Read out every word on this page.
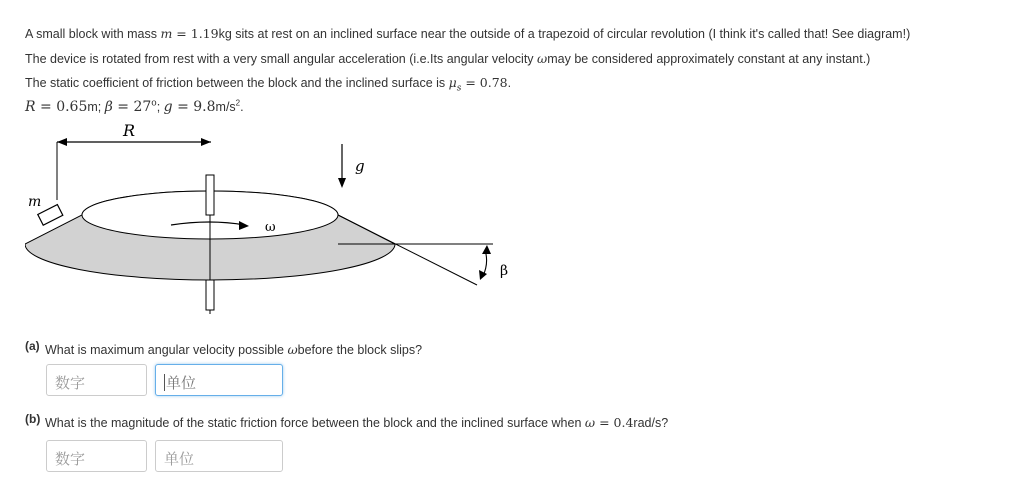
A small block with mass m = 1.19kg sits at rest on an inclined surface near the outside of a trapezoid of circular revolution (I think it's called that! See diagram!)
The device is rotated from rest with a very small angular acceleration (i.e.Its angular velocity ωmay be considered approximately constant at any instant.)
The static coefficient of friction between the block and the inclined surface is $\mu_s = 0.78$.
R = 0.65m; $\beta = 27^o$; $g = 9.8m/s^2$.
R
g
ω
m
β
(a) What is maximum angular velocity possible ωbefore the block slips?
数字	单位
(b) What is the magnitude of the static friction force between the block and the inclined surface when ω = 0.4rad/s?
数字	单位
